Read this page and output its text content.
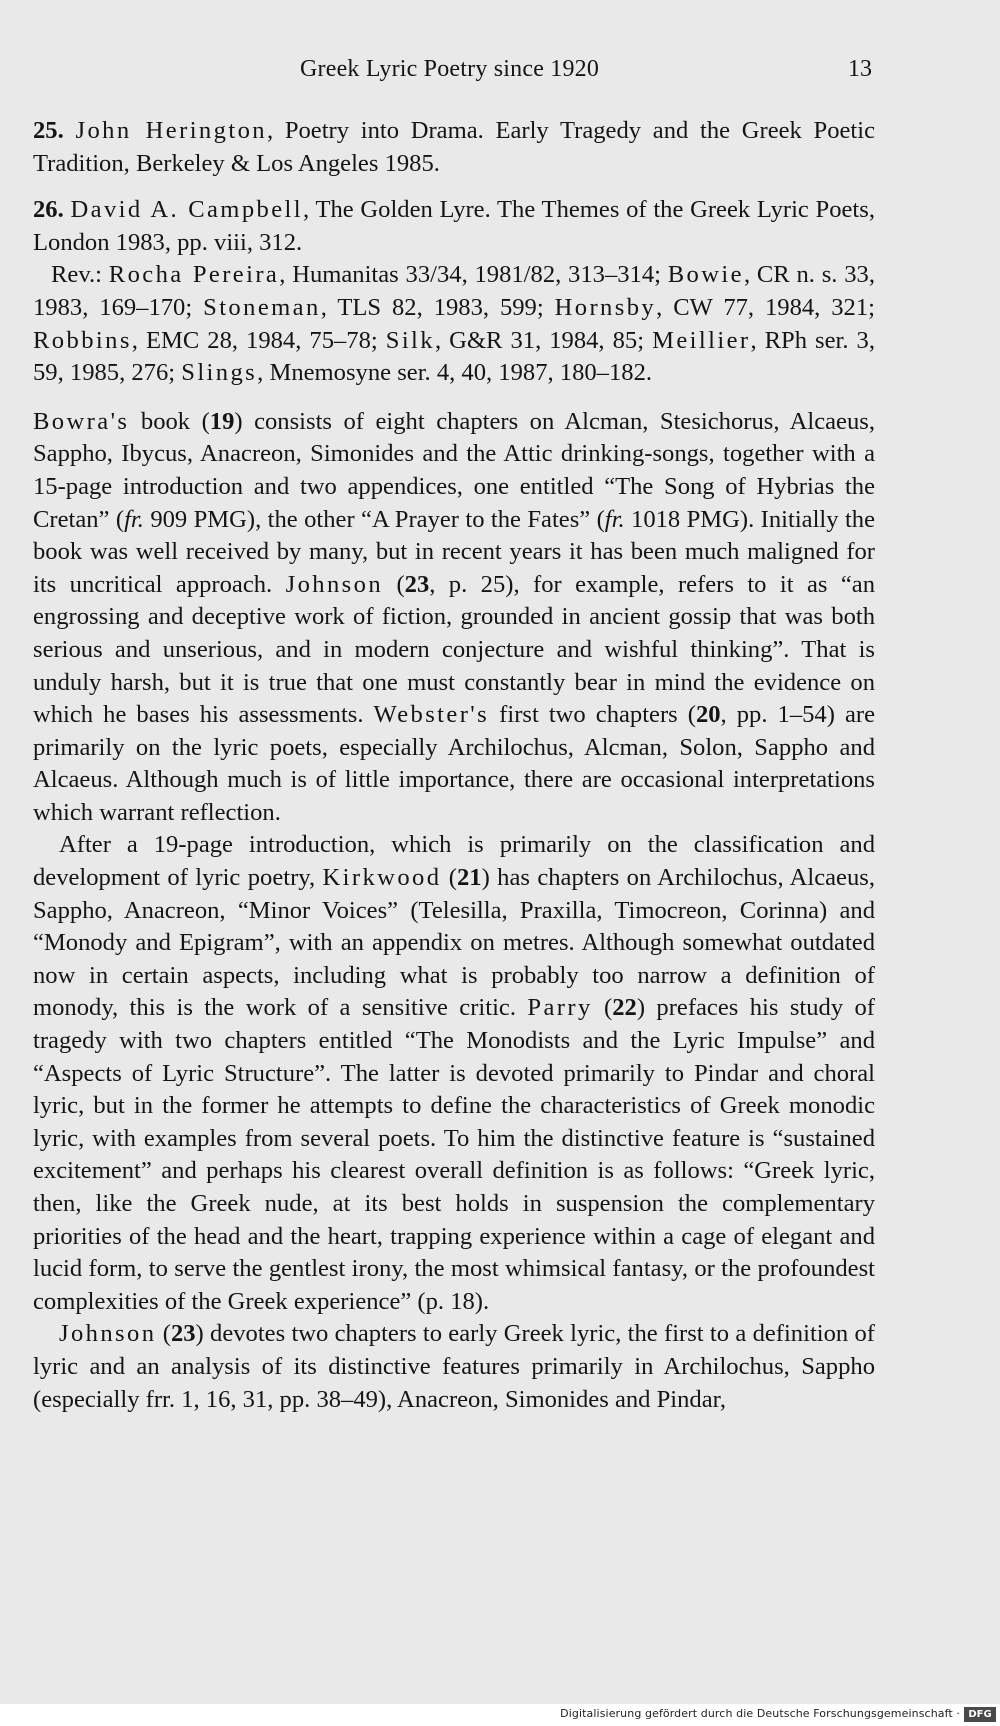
Greek Lyric Poetry since 1920	13

25. John Herington, Poetry into Drama. Early Tragedy and the Greek Poetic Tradition, Berkeley & Los Angeles 1985.

26. David A. Campbell, The Golden Lyre. The Themes of the Greek Lyric Poets, London 1983, pp. viii, 312.

Rev.: Rocha Pereira, Humanitas 33/34, 1981/82, 313–314; Bowie, CR n. s. 33, 1983, 169–170; Stoneman, TLS 82, 1983, 599; Hornsby, CW 77, 1984, 321; Robbins, EMC 28, 1984, 75–78; Silk, G&R 31, 1984, 85; Meillier, RPh ser. 3, 59, 1985, 276; Slings, Mnemosyne ser. 4, 40, 1987, 180–182.

Bowra's book (19) consists of eight chapters on Alcman, Stesichorus, Alcaeus, Sappho, Ibycus, Anacreon, Simonides and the Attic drinking-songs, together with a 15-page introduction and two appendices, one entitled “The Song of Hybrias the Cretan” (fr. 909 PMG), the other “A Prayer to the Fates” (fr. 1018 PMG). Initially the book was well received by many, but in recent years it has been much maligned for its uncritical approach. Johnson (23, p. 25), for example, refers to it as “an engrossing and deceptive work of fiction, grounded in ancient gossip that was both serious and unserious, and in modern conjecture and wishful thinking”. That is unduly harsh, but it is true that one must constantly bear in mind the evidence on which he bases his assessments. Webster's first two chapters (20, pp. 1–54) are primarily on the lyric poets, especially Archilochus, Alcman, Solon, Sappho and Alcaeus. Although much is of little importance, there are occasional interpretations which warrant reflection.

After a 19-page introduction, which is primarily on the classification and development of lyric poetry, Kirkwood (21) has chapters on Archilochus, Alcaeus, Sappho, Anacreon, “Minor Voices” (Telesilla, Praxilla, Timocreon, Corinna) and “Monody and Epigram”, with an appendix on metres. Although somewhat outdated now in certain aspects, including what is probably too narrow a definition of monody, this is the work of a sensitive critic. Parry (22) prefaces his study of tragedy with two chapters entitled “The Monodists and the Lyric Impulse” and “Aspects of Lyric Structure”. The latter is devoted primarily to Pindar and choral lyric, but in the former he attempts to define the characteristics of Greek monodic lyric, with examples from several poets. To him the distinctive feature is “sustained excitement” and perhaps his clearest overall definition is as follows: “Greek lyric, then, like the Greek nude, at its best holds in suspension the complementary priorities of the head and the heart, trapping experience within a cage of elegant and lucid form, to serve the gentlest irony, the most whimsical fantasy, or the profoundest complexities of the Greek experience” (p. 18).

Johnson (23) devotes two chapters to early Greek lyric, the first to a definition of lyric and an analysis of its distinctive features primarily in Archilochus, Sappho (especially frr. 1, 16, 31, pp. 38–49), Anacreon, Simonides and Pindar,

Digitalisierung gefördert durch die Deutsche Forschungsgemeinschaft · DFG
